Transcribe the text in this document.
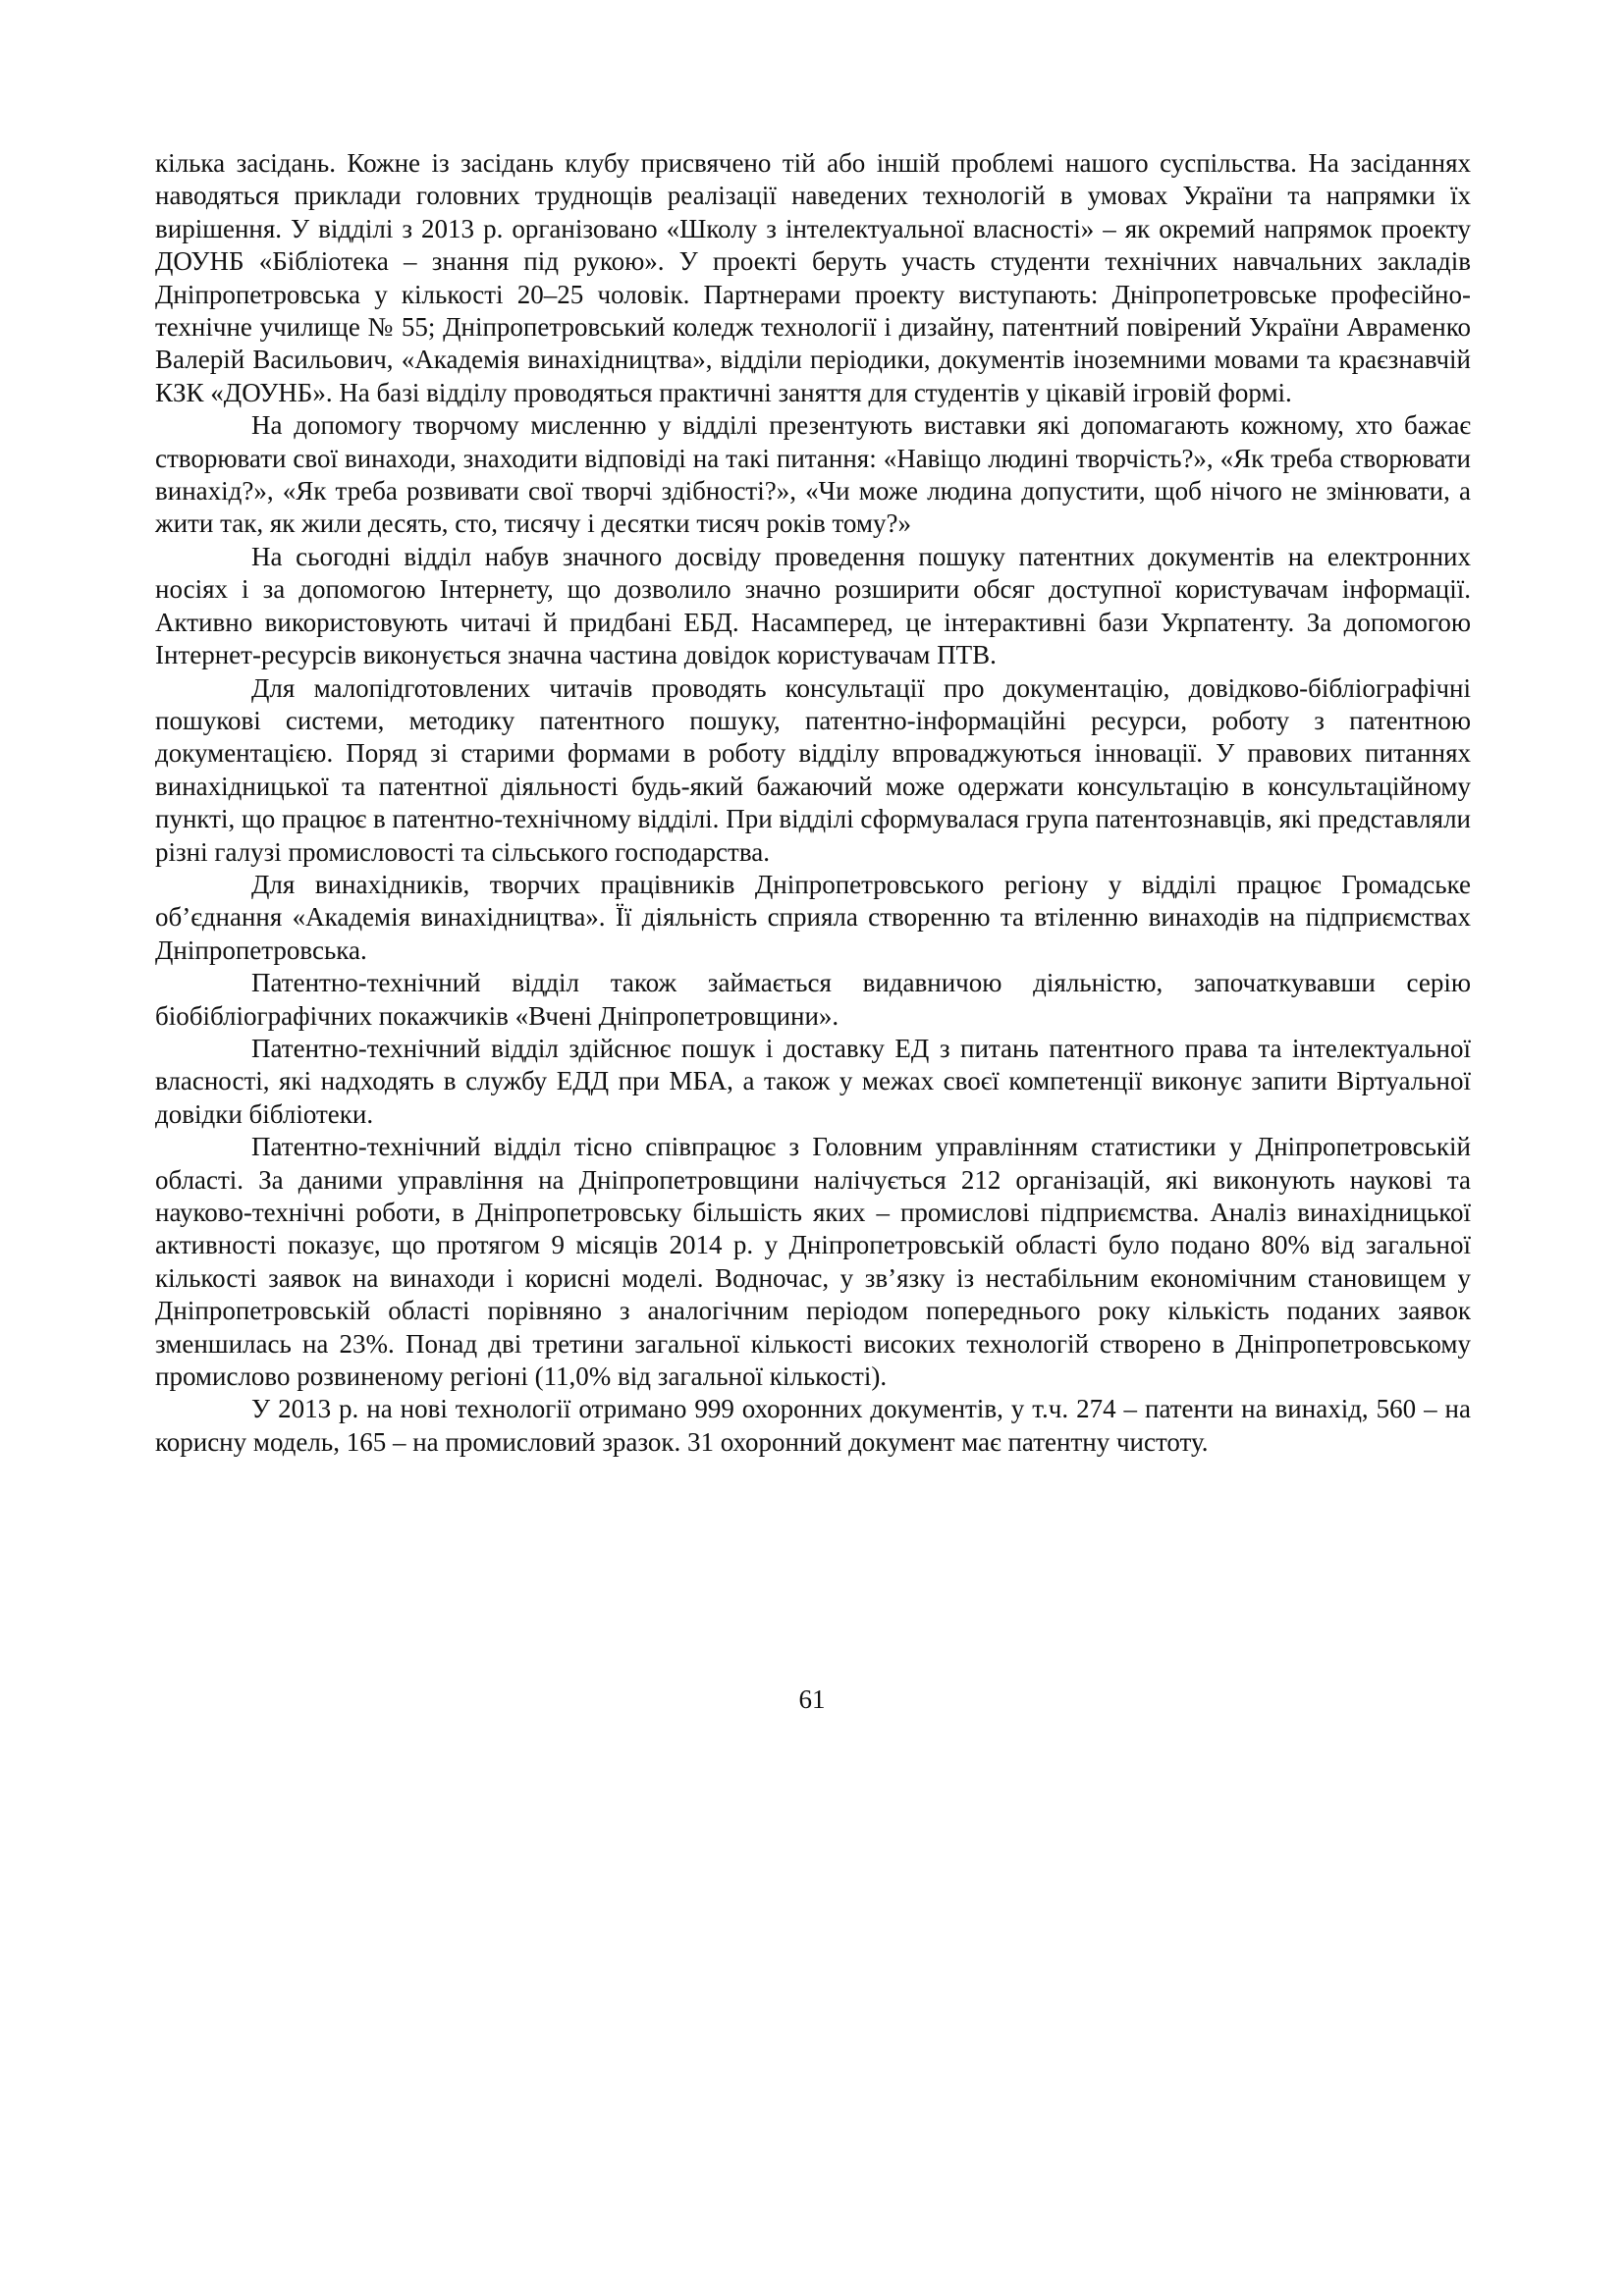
кілька засідань. Кожне із засідань клубу присвячено тій або іншій проблемі нашого суспільства. На засіданнях наводяться приклади головних труднощів реалізації наведених технологій в умовах України та напрямки їх вирішення. У відділі з 2013 р. організовано «Школу з інтелектуальної власності» – як окремий напрямок проекту ДОУНБ «Бібліотека – знання під рукою». У проекті беруть участь студенти технічних навчальних закладів Дніпропетровська у кількості 20–25 чоловік. Партнерами проекту виступають: Дніпропетровське професійно-технічне училище № 55; Дніпропетровський коледж технології і дизайну, патентний повірений України Авраменко Валерій Васильович, «Академія винахідництва», відділи періодики, документів іноземними мовами та краєзнавчій КЗК «ДОУНБ». На базі відділу проводяться практичні заняття для студентів у цікавій ігровій формі.

На допомогу творчому мисленню у відділі презентують виставки які допомагають кожному, хто бажає створювати свої винаходи, знаходити відповіді на такі питання: «Навіщо людині творчість?», «Як треба створювати винахід?», «Як треба розвивати свої творчі здібності?», «Чи може людина допустити, щоб нічого не змінювати, а жити так, як жили десять, сто, тисячу і десятки тисяч років тому?»

На сьогодні відділ набув значного досвіду проведення пошуку патентних документів на електронних носіях і за допомогою Інтернету, що дозволило значно розширити обсяг доступної користувачам інформації. Активно використовують читачі й придбані ЕБД. Насамперед, це інтерактивні бази Укрпатенту. За допомогою Інтернет-ресурсів виконується значна частина довідок користувачам ПТВ.

Для малопідготовлених читачів проводять консультації про документацію, довідково-бібліографічні пошукові системи, методику патентного пошуку, патентно-інформаційні ресурси, роботу з патентною документацією. Поряд зі старими формами в роботу відділу впроваджуються інновації. У правових питаннях винахідницької та патентної діяльності будь-який бажаючий може одержати консультацію в консультаційному пункті, що працює в патентно-технічному відділі. При відділі сформувалася група патентознавців, які представляли різні галузі промисловості та сільського господарства.

Для винахідників, творчих працівників Дніпропетровського регіону у відділі працює Громадське об’єднання «Академія винахідництва». Її діяльність сприяла створенню та втіленню винаходів на підприємствах Дніпропетровська.

Патентно-технічний відділ також займається видавничою діяльністю, започаткувавши серію біобібліографічних покажчиків «Вчені Дніпропетровщини».

Патентно-технічний відділ здійснює пошук і доставку ЕД з питань патентного права та інтелектуальної власності, які надходять в службу ЕДД при МБА, а також у межах своєї компетенції виконує запити Віртуальної довідки бібліотеки.

Патентно-технічний відділ тісно співпрацює з Головним управлінням статистики у Дніпропетровській області. За даними управління на Дніпропетровщини налічується 212 організацій, які виконують наукові та науково-технічні роботи, в Дніпропетровську більшість яких – промислові підприємства. Аналіз винахідницької активності показує, що протягом 9 місяців 2014 р. у Дніпропетровській області було подано 80% від загальної кількості заявок на винаходи і корисні моделі. Водночас, у зв’язку із нестабільним економічним становищем у Дніпропетровській області порівняно з аналогічним періодом попереднього року кількість поданих заявок зменшилась на 23%. Понад дві третини загальної кількості високих технологій створено в Дніпропетровському промислово розвиненому регіоні (11,0% від загальної кількості).

У 2013 р. на нові технології отримано 999 охоронних документів, у т.ч. 274 – патенти на винахід, 560 – на корисну модель, 165 – на промисловий зразок. 31 охоронний документ має патентну чистоту.

61
